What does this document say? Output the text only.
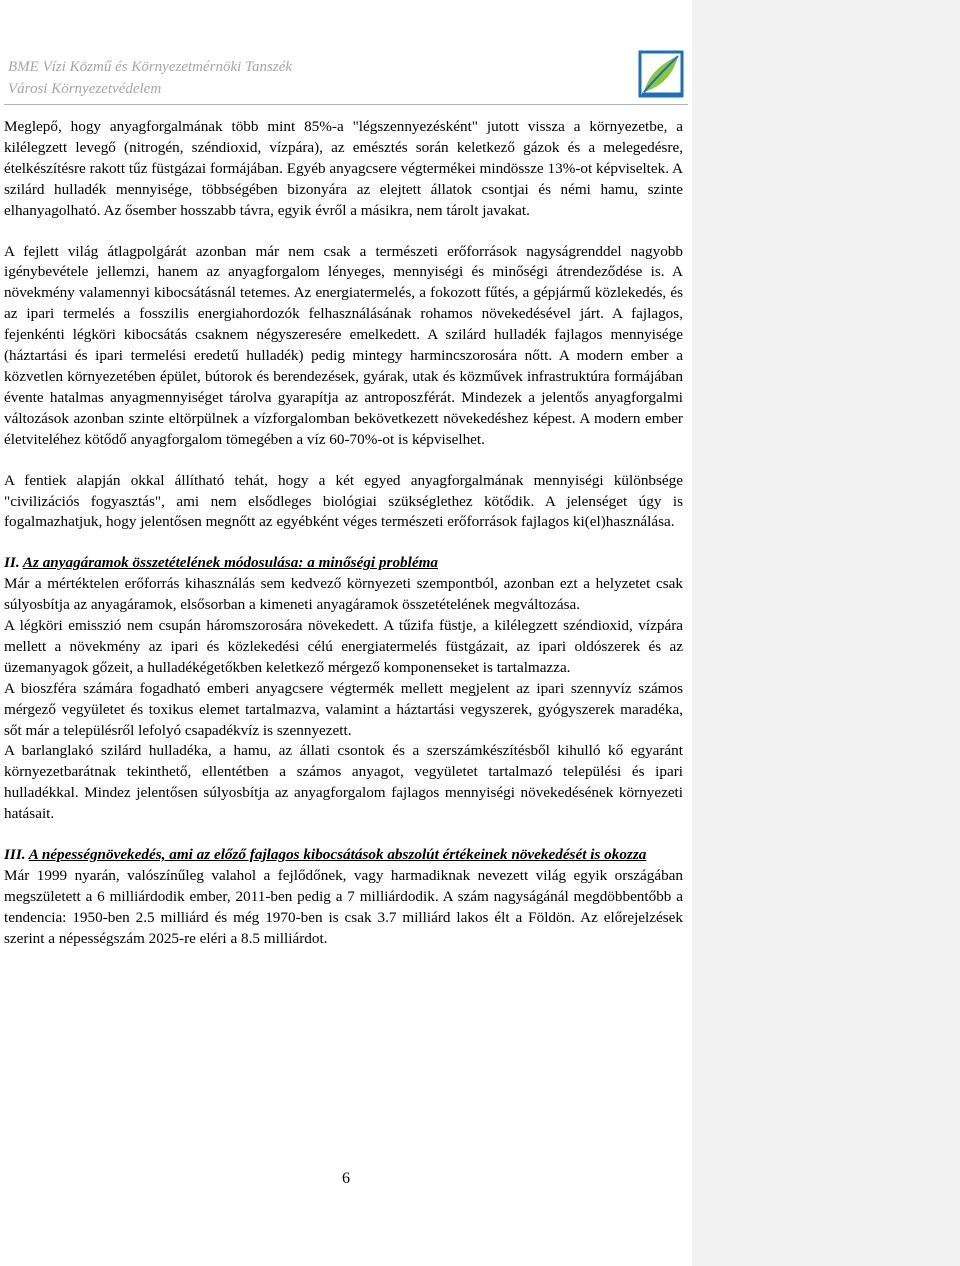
BME Vízi Közmű és Környezetmérnöki Tanszék
Városi Környezetvédelem

Meglepő, hogy anyagforgalmának több mint 85%-a "légszennyezésként" jutott vissza a környezetbe, a kilélegzett levegő (nitrogén, széndioxid, vízpára), az emésztés során keletkező gázok és a melegedésre, ételkészítésre rakott tűz füstgázai formájában. Egyéb anyagcsere végtermékei mindössze 13%-ot képviseltek. A szilárd hulladék mennyisége, többségében bizonyára az elejtett állatok csontjai és némi hamu, szinte elhanyagolható. Az ősember hosszabb távra, egyik évről a másikra, nem tárolt javakat.

A fejlett világ átlagpolgárát azonban már nem csak a természeti erőforrások nagyságrenddel nagyobb igénybevétele jellemzi, hanem az anyagforgalom lényeges, mennyiségi és minőségi átrendeződése is. A növekmény valamennyi kibocsátásnál tetemes. Az energiatermelés, a fokozott fűtés, a gépjármű közlekedés, és az ipari termelés a fosszilis energiahordozók felhasználásának rohamos növekedésével járt. A fajlagos, fejenkénti légköri kibocsátás csaknem négyszeresére emelkedett. A szilárd hulladék fajlagos mennyisége (háztartási és ipari termelési eredetű hulladék) pedig mintegy harmincszorosára nőtt. A modern ember a közvetlen környezetében épület, bútorok és berendezések, gyárak, utak és közművek infrastruktúra formájában évente hatalmas anyagmennyiséget tárolva gyarapítja az antroposzférát. Mindezek a jelentős anyagforgalmi változások azonban szinte eltörpülnek a vízforgalomban bekövetkezett növekedéshez képest. A modern ember életviteléhez kötődő anyagforgalom tömegében a víz 60-70%-ot is képviselhet.

A fentiek alapján okkal állítható tehát, hogy a két egyed anyagforgalmának mennyiségi különbsége "civilizációs fogyasztás", ami nem elsődleges biológiai szükséglethez kötődik. A jelenséget úgy is fogalmazhatjuk, hogy jelentősen megnőtt az egyébként véges természeti erőforrások fajlagos ki(el)használása.

II. Az anyagáramok összetételének módosulása: a minőségi probléma

Már a mértéktelen erőforrás kihasználás sem kedvező környezeti szempontból, azonban ezt a helyzetet csak súlyosbítja az anyagáramok, elsősorban a kimeneti anyagáramok összetételének megváltozása.

A légköri emisszió nem csupán háromszorosára növekedett. A tűzifa füstje, a kilélegzett széndioxid, vízpára mellett a növekmény az ipari és közlekedési célú energiatermelés füstgázait, az ipari oldószerek és az üzemanyagok gőzeit, a hulladékégetőkben keletkező mérgező komponenseket is tartalmazza.

A bioszféra számára fogadható emberi anyagcsere végtermék mellett megjelent az ipari szennyvíz számos mérgező vegyületet és toxikus elemet tartalmazva, valamint a háztartási vegyszerek, gyógyszerek maradéka, sőt már a településről lefolyó csapadékvíz is szennyezett.

A barlanglakó szilárd hulladéka, a hamu, az állati csontok és a szerszámkészítésből kihulló kő egyaránt környezetbarátnak tekinthető, ellentétben a számos anyagot, vegyületet tartalmazó települési és ipari hulladékkal. Mindez jelentősen súlyosbítja az anyagforgalom fajlagos mennyiségi növekedésének környezeti hatásait.

III. A népességnövekedés, ami az előző fajlagos kibocsátások abszolút értékeinek növekedését is okozza

Már 1999 nyarán, valószínűleg valahol a fejlődőnek, vagy harmadiknak nevezett világ egyik országában megszületett a 6 milliárdodik ember, 2011-ben pedig a 7 milliárdodik. A szám nagyságánál megdöbbentőbb a tendencia: 1950-ben 2.5 milliárd és még 1970-ben is csak 3.7 milliárd lakos élt a Földön. Az előrejelzések szerint a népességszám 2025-re eléri a 8.5 milliárdot.

6
